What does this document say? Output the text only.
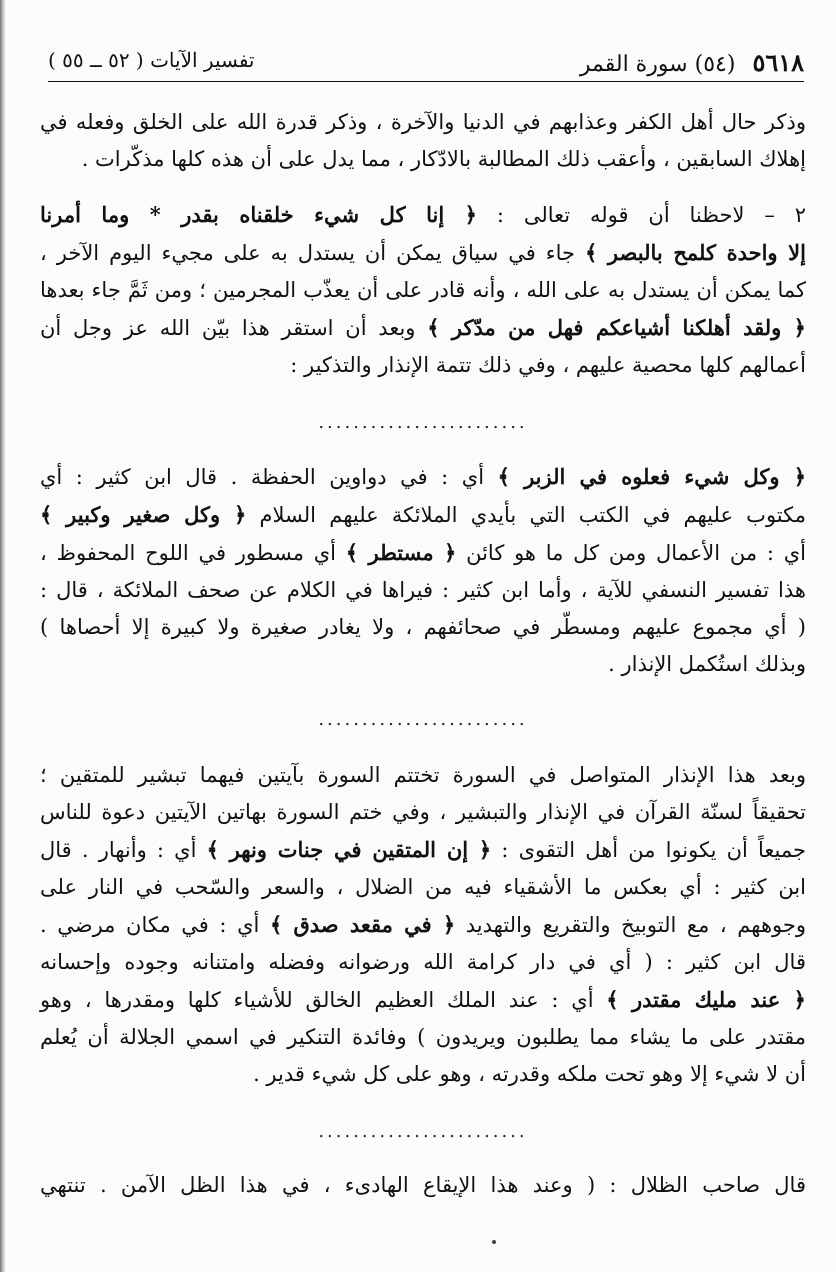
٥٦١٨ (٥٤) سورة القمر
تفسير الآيات ( ٥٢ ــ ٥٥ )

وذكر حال أهل الكفر وعذابهم في الدنيا والآخرة ، وذكر قدرة الله على الخلق وفعله في
إهلاك السابقين ، وأعقب ذلك المطالبة بالادّكار ، مما يدل على أن هذه كلها مذكّرات .

٢ – لاحظنا أن قوله تعالى : ﴿ إنا كل شيء خلقناه بقدر * وما أمرنا
إلا واحدة كلمح بالبصر ﴾ جاء في سياق يمكن أن يستدل به على مجيء اليوم الآخر ،
كما يمكن أن يستدل به على الله ، وأنه قادر على أن يعذّب المجرمين ؛ ومن ثَمَّ جاء بعدها
﴿ ولقد أهلكنا أشياعكم فهل من مدّكر ﴾ وبعد أن استقر هذا بيّن الله عز وجل أن
أعمالهم كلها محصية عليهم ، وفي ذلك تتمة الإنذار والتذكير :

........................

﴿ وكل شيء فعلوه في الزبر ﴾ أي : في دواوين الحفظة . قال ابن كثير : أي
مكتوب عليهم في الكتب التي بأيدي الملائكة عليهم السلام ﴿ وكل صغير وكبير ﴾
أي : من الأعمال ومن كل ما هو كائن ﴿ مستطر ﴾ أي مسطور في اللوح المحفوظ ،
هذا تفسير النسفي للآية ، وأما ابن كثير : فيراها في الكلام عن صحف الملائكة ، قال :
( أي مجموع عليهم ومسطّر في صحائفهم ، ولا يغادر صغيرة ولا كبيرة إلا أحصاها )
وبذلك استُكمل الإنذار .

........................

وبعد هذا الإنذار المتواصل في السورة تختتم السورة بآيتين فيهما تبشير للمتقين ؛
تحقيقاً لسنّة القرآن في الإنذار والتبشير ، وفي ختم السورة بهاتين الآيتين دعوة للناس
جميعاً أن يكونوا من أهل التقوى : ﴿ إن المتقين في جنات ونهر ﴾ أي : وأنهار . قال
ابن كثير : أي بعكس ما الأشقياء فيه من الضلال ، والسعر والسّحب في النار على
وجوههم ، مع التوبيخ والتقريع والتهديد ﴿ في مقعد صدق ﴾ أي : في مكان مرضي .
قال ابن كثير : ( أي في دار كرامة الله ورضوانه وفضله وامتنانه وجوده وإحسانه
﴿ عند مليك مقتدر ﴾ أي : عند الملك العظيم الخالق للأشياء كلها ومقدرها ، وهو
مقتدر على ما يشاء مما يطلبون ويريدون ) وفائدة التنكير في اسمي الجلالة أن يُعلم
أن لا شيء إلا وهو تحت ملكه وقدرته ، وهو على كل شيء قدير .

........................

قال صاحب الظلال : ( وعند هذا الإيقاع الهادىء ، في هذا الظل الآمن . تنتهي
